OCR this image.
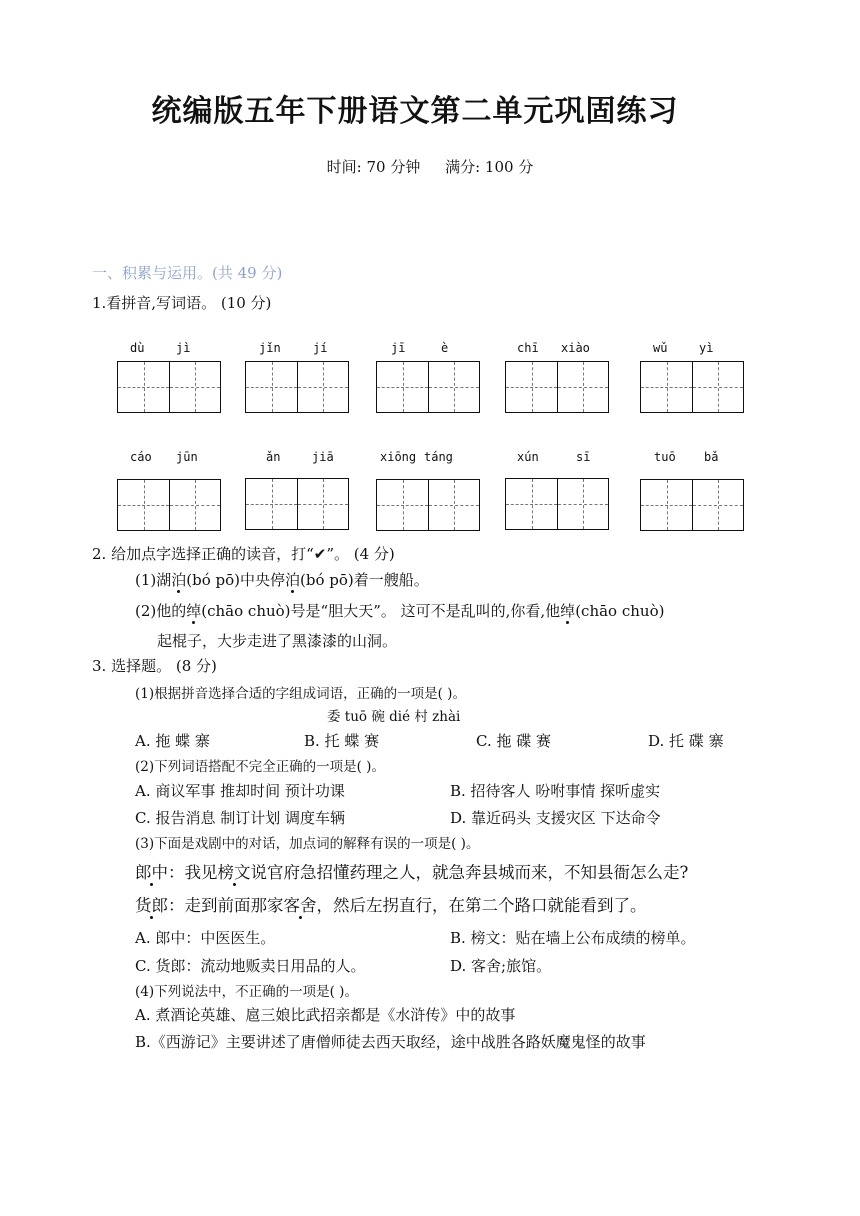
统编版五年下册语文第二单元巩固练习
时间: 70 分钟 满分: 100 分
一、积累与运用。(共 49 分)
1.看拼音,写词语。 (10 分)
dù	jì	jǐn	jí	jī	è	chī xiào	wǔ	yì
cáo jūn	ǎn	jiā	xiōng táng	xún	sī	tuō bǎ
2. 给加点字选择正确的读音，打“✔”。 (4 分)
(1)湖泊(bó pō)中央停泊(bó pō)着一艘船。
(2)他的绰(chāo chuò)号是“胆大天”。 这可不是乱叫的,你看,他绰(chāo chuò)
起棍子，大步走进了黑漆漆的山洞。
3. 选择题。 (8 分)
(1)根据拼音选择合适的字组成词语，正确的一项是( )。
委 tuō 碗 dié 村 zhài
A. 拖 蝶 寨	B. 托 蝶 赛	C. 拖 碟 赛	D. 托 碟 寨
(2)下列词语搭配不完全正确的一项是( )。
A. 商议军事 推却时间 预计功课	B. 招待客人 吩咐事情 探听虚实
C. 报告消息 制订计划 调度车辆	D. 靠近码头 支援灾区 下达命令
(3)下面是戏剧中的对话，加点词的解释有误的一项是( )。
郎中：我见榜文说官府急招懂药理之人，就急奔县城而来，不知县衙怎么走?
货郎：走到前面那家客舍，然后左拐直行，在第二个路口就能看到了。
A. 郎中：中医医生。	B. 榜文：贴在墙上公布成绩的榜单。
C. 货郎：流动地贩卖日用品的人。	D. 客舍;旅馆。
(4)下列说法中，不正确的一项是( )。
A. 煮酒论英雄、扈三娘比武招亲都是《水浒传》中的故事
B.《西游记》主要讲述了唐僧师徒去西天取经，途中战胜各路妖魔鬼怪的故事
